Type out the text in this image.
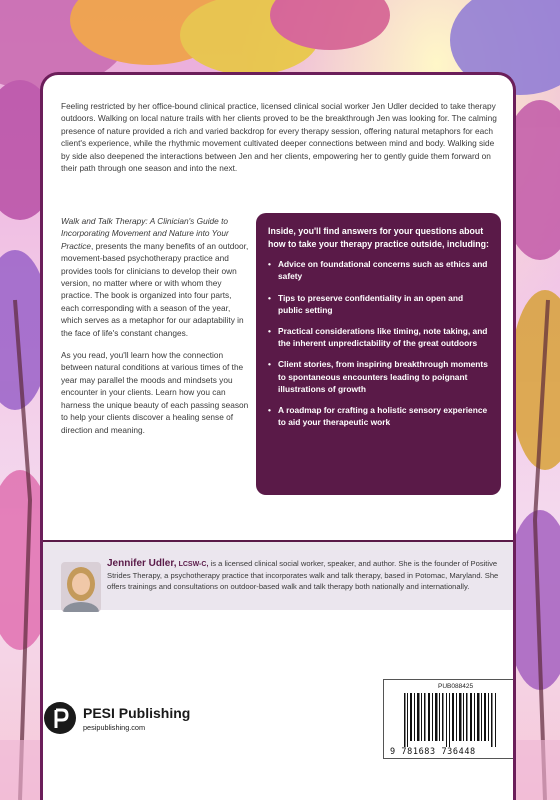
Feeling restricted by her office-bound clinical practice, licensed clinical social worker Jen Udler decided to take therapy outdoors. Walking on local nature trails with her clients proved to be the breakthrough Jen was looking for. The calming presence of nature provided a rich and varied backdrop for every therapy session, offering natural metaphors for each client's experience, while the rhythmic movement cultivated deeper connections between mind and body. Walking side by side also deepened the interactions between Jen and her clients, empowering her to gently guide them forward on their path through one season and into the next.

Walk and Talk Therapy: A Clinician's Guide to Incorporating Movement and Nature into Your Practice, presents the many benefits of an outdoor, movement-based psychotherapy practice and provides tools for clinicians to develop their own version, no matter where or with whom they practice. The book is organized into four parts, each corresponding with a season of the year, which serves as a metaphor for our adaptability in the face of life's constant changes.

As you read, you'll learn how the connection between natural conditions at various times of the year may parallel the moods and mindsets you encounter in your clients. Learn how you can harness the unique beauty of each passing season to help your clients discover a healing sense of direction and meaning.

Inside, you'll find answers for your questions about how to take your therapy practice outside, including:

• Advice on foundational concerns such as ethics and safety
• Tips to preserve confidentiality in an open and public setting
• Practical considerations like timing, note taking, and the inherent unpredictability of the great outdoors
• Client stories, from inspiring breakthrough moments to spontaneous encounters leading to poignant illustrations of growth
• A roadmap for crafting a holistic sensory experience to aid your therapeutic work

Jennifer Udler, LCSW-C, is a licensed clinical social worker, speaker, and author. She is the founder of Positive Strides Therapy, a psychotherapy practice that incorporates walk and talk therapy, based in Potomac, Maryland. She offers trainings and consultations on outdoor-based walk and talk therapy both nationally and internationally.

PESI Publishing
pesipublishing.com
PUB088425
9 781683 736448
